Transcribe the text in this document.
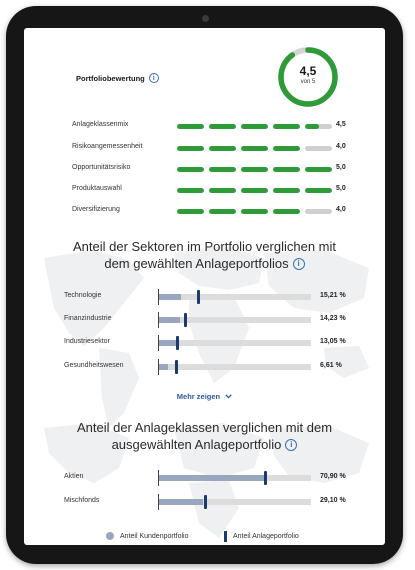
Portfoliobewertung	i	4,5
von 5
Anlageklassenmix	4,5
Risikoangemessenheit	4,0
Opportunitätsrisiko	5,0
Produktauswahl	5,0
Diversifizierung	4,0
Anteil der Sektoren im Portfolio verglichen mit
dem gewählten Anlageportfolios	i
Technologie	15,21 %
Finanzindustrie	14,23 %
Industriesektor	13,05 %
Gesundheitswesen	6,61 %
Mehr zeigen
Anteil der Anlageklassen verglichen mit dem
ausgewählten Anlageportfolio	i
Aktien	70,90 %
Mischfonds	29,10 %
Anteil Kundenportfolio	Anteil Anlageportfolio
